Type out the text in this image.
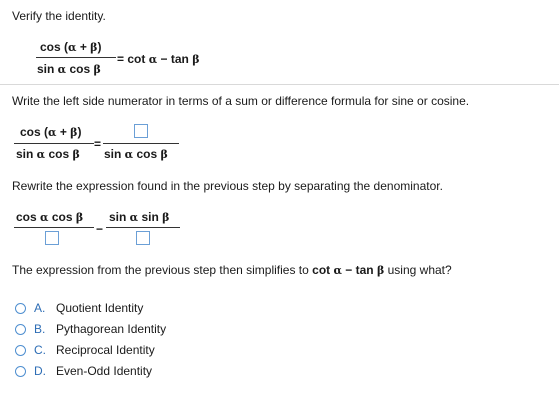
Verify the identity.
cos (α + β)
sin α cos β
= cot α − tan β
Write the left side numerator in terms of a sum or difference formula for sine or cosine.
cos (α + β)
sin α cos β
=
sin α cos β
Rewrite the expression found in the previous step by separating the denominator.
cos α cos β
−
sin α sin β
The expression from the previous step then simplifies to cot α − tan β using what?
A. Quotient Identity
B. Pythagorean Identity
C. Reciprocal Identity
D. Even-Odd Identity
